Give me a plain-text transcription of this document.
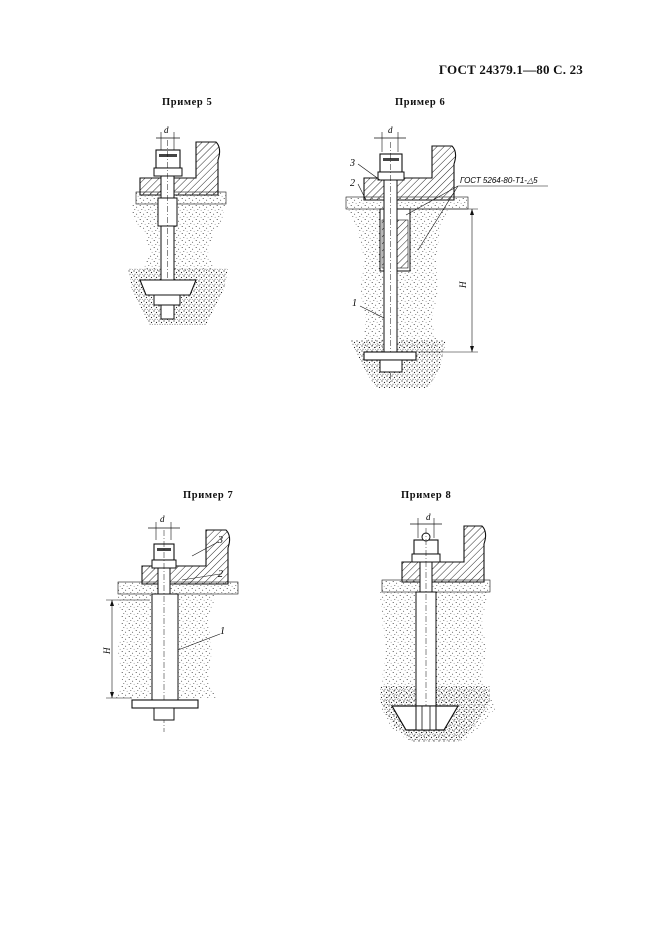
ГОСТ 24379.1—80 С. 23
Пример 5
d
Пример 6
d
ГОСТ 5264-80-Т1-△5
3
2
1
H
Пример 7
d
3
2
1
H
Пример 8
d
